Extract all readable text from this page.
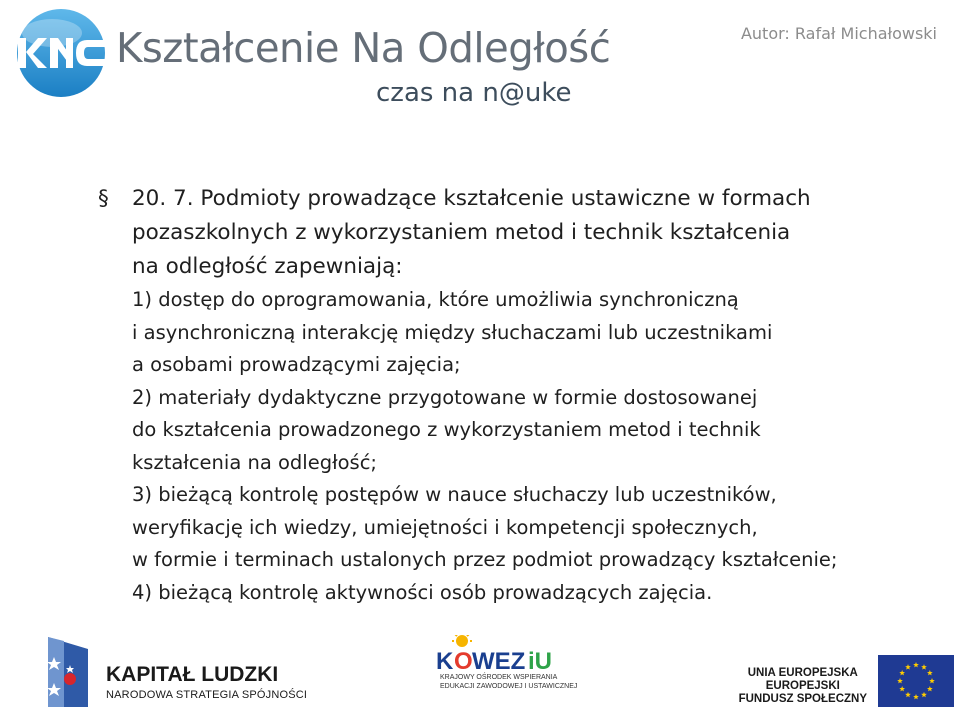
Kształcenie Na Odległość
czas na n@uke
Autor: Rafał Michałowski
§ 20. 7. Podmioty prowadzące kształcenie ustawiczne w formach
pozaszkolnych z wykorzystaniem metod i technik kształcenia
na odległość zapewniają:
1) dostęp do oprogramowania, które umożliwia synchroniczną
i asynchroniczną interakcję między słuchaczami lub uczestnikami
a osobami prowadzącymi zajęcia;
2) materiały dydaktyczne przygotowane w formie dostosowanej
do kształcenia prowadzonego z wykorzystaniem metod i technik
kształcenia na odległość;
3) bieżącą kontrolę postępów w nauce słuchaczy lub uczestników,
weryfikację ich wiedzy, umiejętności i kompetencji społecznych,
w formie i terminach ustalonych przez podmiot prowadzący kształcenie;
4) bieżącą kontrolę aktywności osób prowadzących zajęcia.
KAPITAŁ LUDZKI
NARODOWA STRATEGIA SPÓJNOŚCI
K O WEZ iU
KRAJOWY OŚRODEK WSPIERANIA
EDUKACJI ZAWODOWEJ I USTAWICZNEJ
UNIA EUROPEJSKA
EUROPEJSKI
FUNDUSZ SPOŁECZNY
